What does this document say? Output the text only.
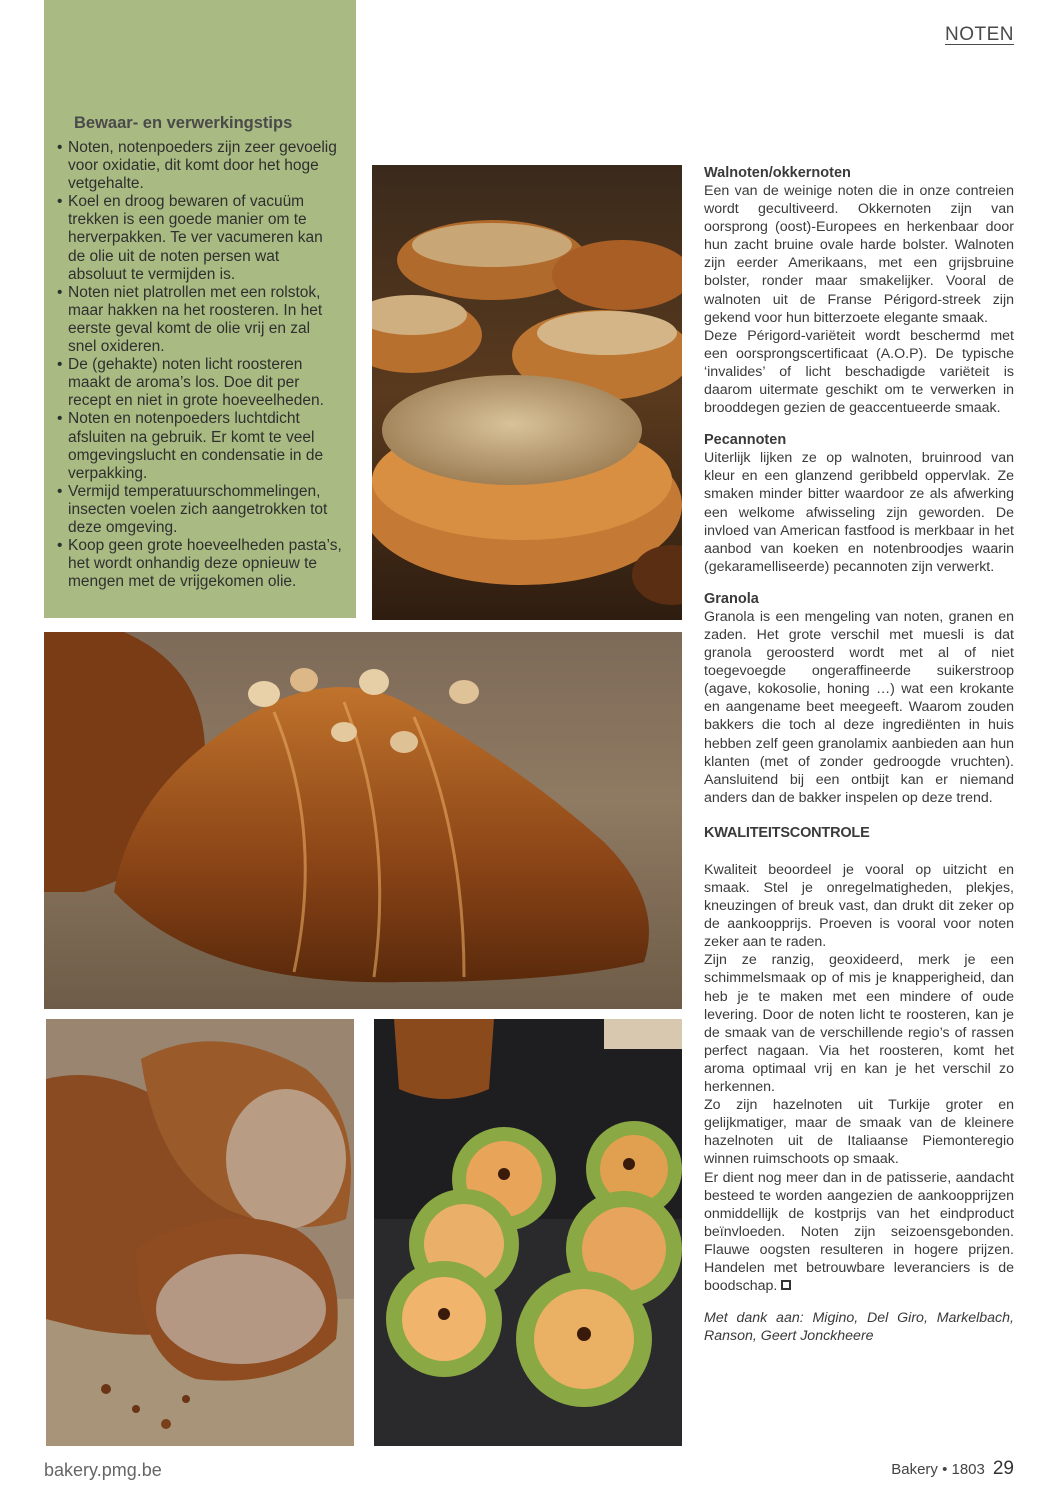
NOTEN
Bewaar- en verwerkingstips
• Noten, notenpoeders zijn zeer gevoelig voor oxidatie, dit komt door het hoge vetgehalte.
• Koel en droog bewaren of vacuüm trekken is een goede manier om te herverpakken. Te ver vacumeren kan de olie uit de noten persen wat absoluut te vermijden is.
• Noten niet platrollen met een rolstok, maar hakken na het roosteren. In het eerste geval komt de olie vrij en zal snel oxideren.
• De (gehakte) noten licht roosteren maakt de aroma’s los. Doe dit per recept en niet in grote hoeveelheden.
• Noten en notenpoeders luchtdicht afsluiten na gebruik. Er komt te veel omgevingslucht en condensatie in de verpakking.
• Vermijd temperatuurschommelingen, insecten voelen zich aangetrokken tot deze omgeving.
• Koop geen grote hoeveelheden pasta’s, het wordt onhandig deze opnieuw te mengen met de vrijgekomen olie.
Walnoten/okkernoten

Een van de weinige noten die in onze contreien wordt gecultiveerd. Okkernoten zijn van oorsprong (oost)-Europees en herkenbaar door hun zacht bruine ovale harde bolster. Walnoten zijn eerder Amerikaans, met een grijsbruine bolster, ronder maar smakelijker. Vooral de walnoten uit de Franse Périgord-streek zijn gekend voor hun bitterzoete elegante smaak.

Deze Périgord-variëteit wordt beschermd met een oorsprongscertificaat (A.O.P). De typische ‘invalides’ of licht beschadigde variëteit is daarom uitermate geschikt om te verwerken in brooddegen gezien de geaccentueerde smaak.

Pecannoten

Uiterlijk lijken ze op walnoten, bruinrood van kleur en een glanzend geribbeld oppervlak. Ze smaken minder bitter waardoor ze als afwerking een welkome afwisseling zijn geworden. De invloed van American fastfood is merkbaar in het aanbod van koeken en notenbroodjes waarin (gekaramelliseerde) pecannoten zijn verwerkt.

Granola

Granola is een mengeling van noten, granen en zaden. Het grote verschil met muesli is dat granola geroosterd wordt met al of niet toegevoegde ongeraffineerde suikerstroop (agave, kokosolie, honing …) wat een krokante en aangename beet meegeeft. Waarom zouden bakkers die toch al deze ingrediënten in huis hebben zelf geen granolamix aanbieden aan hun klanten (met of zonder gedroogde vruchten). Aansluitend bij een ontbijt kan er niemand anders dan de bakker inspelen op deze trend.

KWALITEITSCONTROLE

Kwaliteit beoordeel je vooral op uitzicht en smaak. Stel je onregelmatigheden, plekjes, kneuzingen of breuk vast, dan drukt dit zeker op de aankoopprijs. Proeven is vooral voor noten zeker aan te raden.

Zijn ze ranzig, geoxideerd, merk je een schimmelsmaak op of mis je knapperigheid, dan heb je te maken met een mindere of oude levering. Door de noten licht te roosteren, kan je de smaak van de verschillende regio’s of rassen perfect nagaan. Via het roosteren, komt het aroma optimaal vrij en kan je het verschil zo herkennen.

Zo zijn hazelnoten uit Turkije groter en gelijkmatiger, maar de smaak van de kleinere hazelnoten uit de Italiaanse Piemonteregio winnen ruimschoots op smaak.

Er dient nog meer dan in de patisserie, aandacht besteed te worden aangezien de aankoopprijzen onmiddellijk de kostprijs van het eindproduct beïnvloeden. Noten zijn seizoensgebonden. Flauwe oogsten resulteren in hogere prijzen. Handelen met betrouwbare leveranciers is de boodschap.

Met dank aan: Migino, Del Giro, Markelbach, Ranson, Geert Jonckheere

bakery.pmg.be	Bakery • 1803 29
